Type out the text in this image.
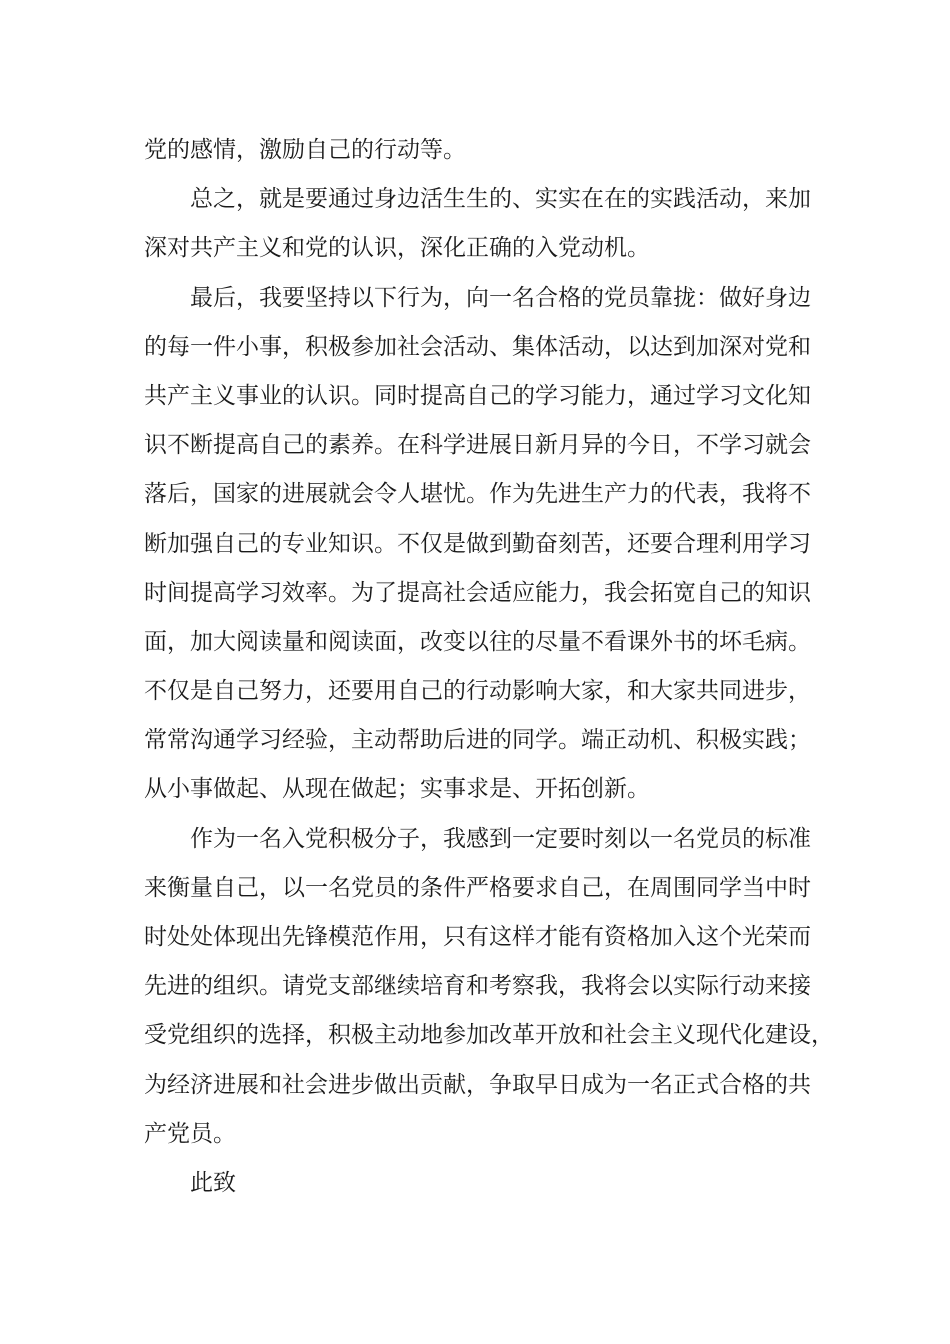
党的感情，激励自己的行动等。
总之，就是要通过身边活生生的、实实在在的实践活动，来加
深对共产主义和党的认识，深化正确的入党动机。
最后，我要坚持以下行为，向一名合格的党员靠拢：做好身边
的每一件小事，积极参加社会活动、集体活动，以达到加深对党和
共产主义事业的认识。同时提高自己的学习能力，通过学习文化知
识不断提高自己的素养。在科学进展日新月异的今日，不学习就会
落后，国家的进展就会令人堪忧。作为先进生产力的代表，我将不
断加强自己的专业知识。不仅是做到勤奋刻苦，还要合理利用学习
时间提高学习效率。为了提高社会适应能力，我会拓宽自己的知识
面，加大阅读量和阅读面，改变以往的尽量不看课外书的坏毛病。
不仅是自己努力，还要用自己的行动影响大家，和大家共同进步，
常常沟通学习经验，主动帮助后进的同学。端正动机、积极实践；
从小事做起、从现在做起；实事求是、开拓创新。
作为一名入党积极分子，我感到一定要时刻以一名党员的标准
来衡量自己，以一名党员的条件严格要求自己，在周围同学当中时
时处处体现出先锋模范作用，只有这样才能有资格加入这个光荣而
先进的组织。请党支部继续培育和考察我，我将会以实际行动来接
受党组织的选择，积极主动地参加改革开放和社会主义现代化建设，
为经济进展和社会进步做出贡献，争取早日成为一名正式合格的共
产党员。
此致
